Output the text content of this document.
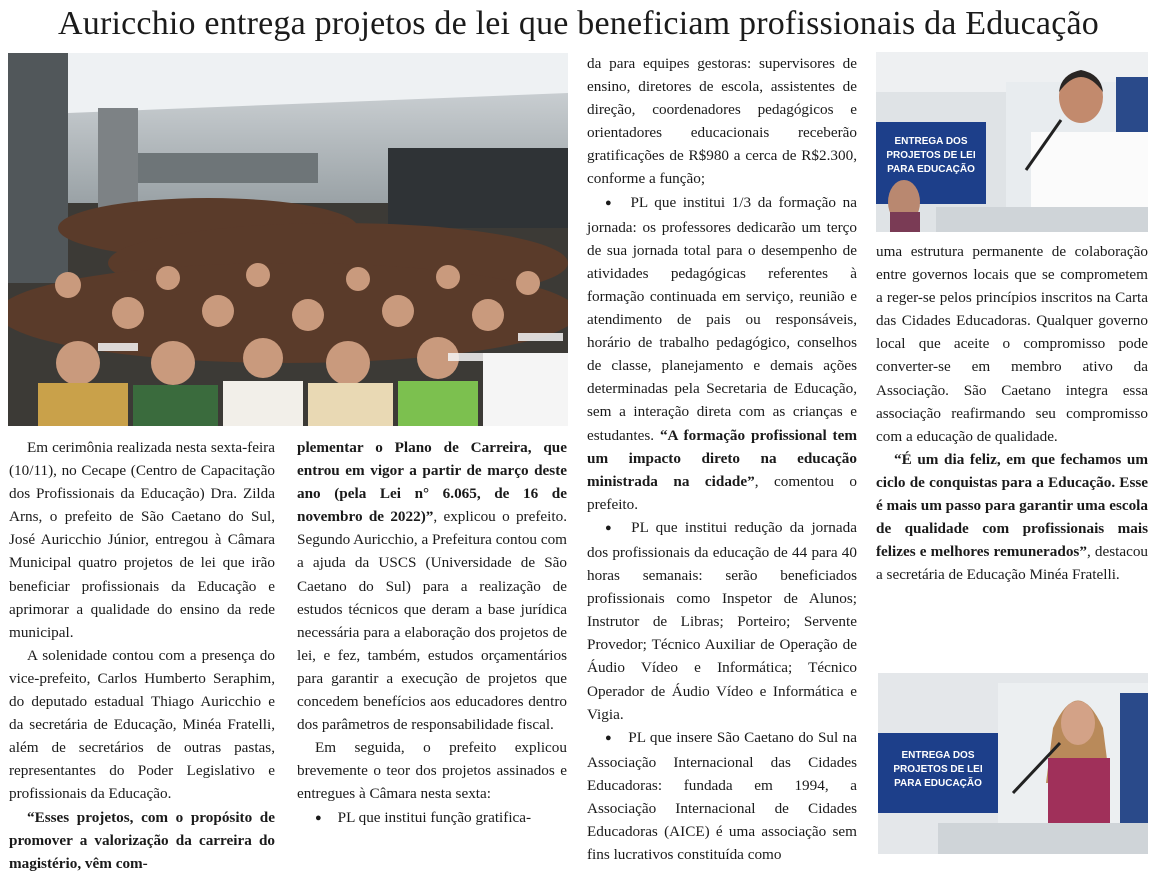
Auricchio entrega projetos de lei que beneficiam profissionais da Educação
ENTREGA DOS
PROJETOS DE LEI
PARA EDUCAÇÃO
ENTREGA DOS
PROJETOS DE LEI
PARA EDUCAÇÃO

Em cerimônia realizada nesta sexta-feira (10/11), no Cecape (Centro de Capacitação dos Profissionais da Educação) Dra. Zilda Arns, o prefeito de São Caetano do Sul, José Auricchio Júnior, entregou à Câmara Municipal quatro projetos de lei que irão beneficiar profissionais da Educação e aprimorar a qualidade do ensino da rede municipal.

A solenidade contou com a presença do vice-prefeito, Carlos Humberto Seraphim, do deputado estadual Thiago Auricchio e da secretária de Educação, Minéa Fratelli, além de secretários de outras pastas, representantes do Poder Legislativo e profissionais da Educação.

“Esses projetos, com o propósito de promover a valorização da carreira do magistério, vêm com-

plementar o Plano de Carreira, que entrou em vigor a partir de março deste ano (pela Lei n° 6.065, de 16 de novembro de 2022)”, explicou o prefeito. Segundo Auricchio, a Prefeitura contou com a ajuda da USCS (Universidade de São Caetano do Sul) para a realização de estudos técnicos que deram a base jurídica necessária para a elaboração dos projetos de lei, e fez, também, estudos orçamentários para garantir a execução de projetos que concedem benefícios aos educadores dentro dos parâmetros de responsabilidade fiscal.

Em seguida, o prefeito explicou brevemente o teor dos projetos assinados e entregues à Câmara nesta sexta:

● PL que institui função gratifica-

da para equipes gestoras: supervisores de ensino, diretores de escola, assistentes de direção, coordenadores pedagógicos e orientadores educacionais receberão gratificações de R$980 a cerca de R$2.300, conforme a função;

● PL que institui 1/3 da formação na jornada: os professores dedicarão um terço de sua jornada total para o desempenho de atividades pedagógicas referentes à formação continuada em serviço, reunião e atendimento de pais ou responsáveis, horário de trabalho pedagógico, conselhos de classe, planejamento e demais ações determinadas pela Secretaria de Educação, sem a interação direta com as crianças e estudantes. “A formação profissional tem um impacto direto na educação ministrada na cidade”, comentou o prefeito.

● PL que institui redução da jornada dos profissionais da educação de 44 para 40 horas semanais: serão beneficiados profissionais como Inspetor de Alunos; Instrutor de Libras; Porteiro; Servente Provedor; Técnico Auxiliar de Operação de Áudio Vídeo e Informática; Técnico Operador de Áudio Vídeo e Informática e Vigia.

● PL que insere São Caetano do Sul na Associação Internacional das Cidades Educadoras: fundada em 1994, a Associação Internacional de Cidades Educadoras (AICE) é uma associação sem fins lucrativos constituída como

uma estrutura permanente de colaboração entre governos locais que se comprometem a reger-se pelos princípios inscritos na Carta das Cidades Educadoras. Qualquer governo local que aceite o compromisso pode converter-se em membro ativo da Associação. São Caetano integra essa associação reafirmando seu compromisso com a educação de qualidade.

“É um dia feliz, em que fechamos um ciclo de conquistas para a Educação. Esse é mais um passo para garantir uma escola de qualidade com profissionais mais felizes e melhores remunerados”, destacou a secretária de Educação Minéa Fratelli.
